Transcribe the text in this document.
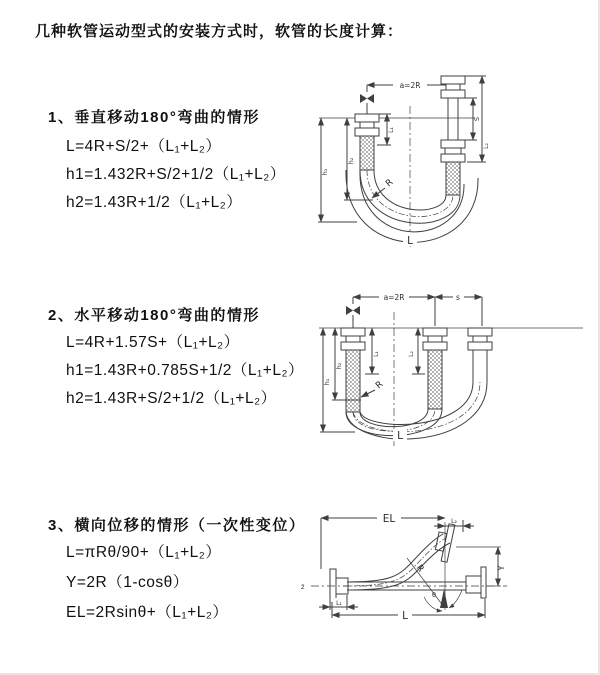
几种软管运动型式的安装方式时，软管的长度计算：
1、垂直移动180°弯曲的情形
L=4R+S/2+（L₁+L₂）
h1=1.432R+S/2+1/2（L₁+L₂）
h2=1.43R+1/2（L₁+L₂）
a=2R
L₁
S
L₂
h₁
h₂
R
L
2、水平移动180°弯曲的情形
L=4R+1.57S+（L₁+L₂）
h1=1.43R+0.785S+1/2（L₁+L₂）
h2=1.43R+S/2+1/2（L₁+L₂）
a=2R	s
L₁	L₂
h₁
h₂
R
L
3、横向位移的情形（一次性变位）
L=πRθ/90+（L₁+L₂）
Y=2R（1-cosθ）
EL=2Rsinθ+（L₁+L₂）
EL	L₂
Y
R
θ
L
L₁
z̄
